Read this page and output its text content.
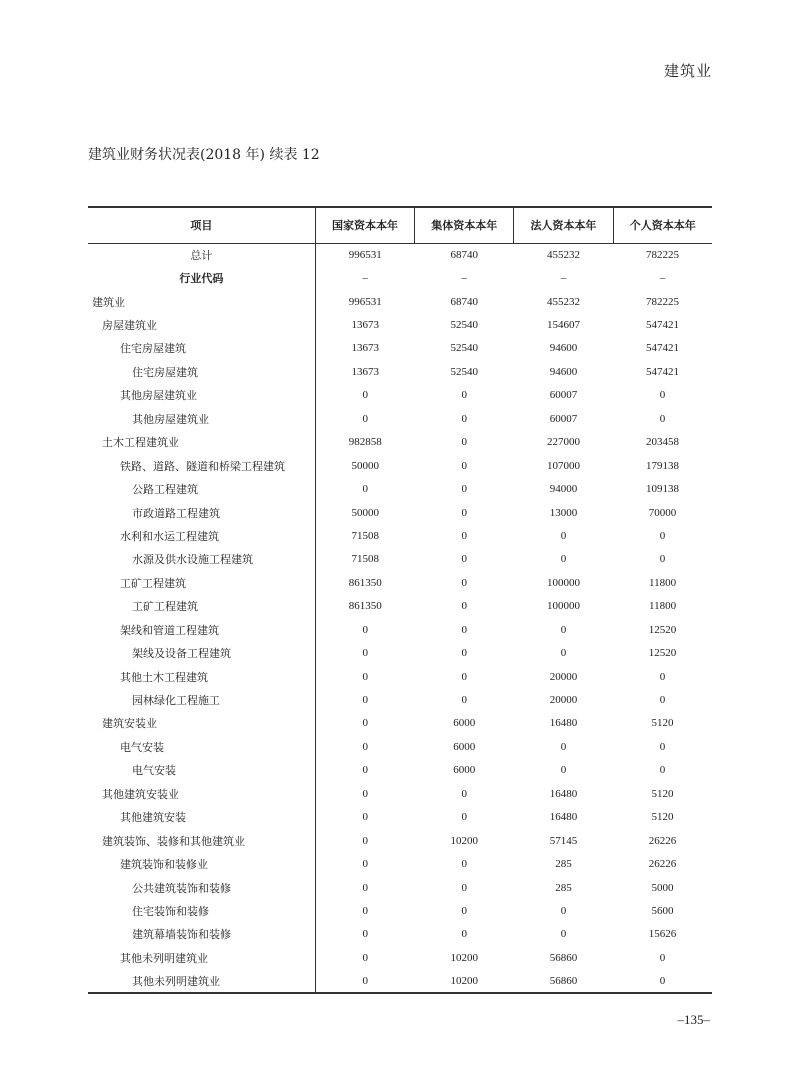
建筑业
建筑业财务状况表(2018 年) 续表 12
项目	国家资本本年	集体资本本年	法人资本本年	个人资本本年
总计	996531	68740	455232	782225
行业代码	–	–	–	–
建筑业	996531	68740	455232	782225
房屋建筑业	13673	52540	154607	547421
住宅房屋建筑	13673	52540	94600	547421
住宅房屋建筑	13673	52540	94600	547421
其他房屋建筑业	0	0	60007	0
其他房屋建筑业	0	0	60007	0
土木工程建筑业	982858	0	227000	203458
铁路、道路、隧道和桥梁工程建筑	50000	0	107000	179138
公路工程建筑	0	0	94000	109138
市政道路工程建筑	50000	0	13000	70000
水利和水运工程建筑	71508	0	0	0
水源及供水设施工程建筑	71508	0	0	0
工矿工程建筑	861350	0	100000	11800
工矿工程建筑	861350	0	100000	11800
架线和管道工程建筑	0	0	0	12520
架线及设备工程建筑	0	0	0	12520
其他土木工程建筑	0	0	20000	0
园林绿化工程施工	0	0	20000	0
建筑安装业	0	6000	16480	5120
电气安装	0	6000	0	0
电气安装	0	6000	0	0
其他建筑安装业	0	0	16480	5120
其他建筑安装	0	0	16480	5120
建筑装饰、装修和其他建筑业	0	10200	57145	26226
建筑装饰和装修业	0	0	285	26226
公共建筑装饰和装修	0	0	285	5000
住宅装饰和装修	0	0	0	5600
建筑幕墙装饰和装修	0	0	0	15626
其他未列明建筑业	0	10200	56860	0
其他未列明建筑业	0	10200	56860	0
–135–
